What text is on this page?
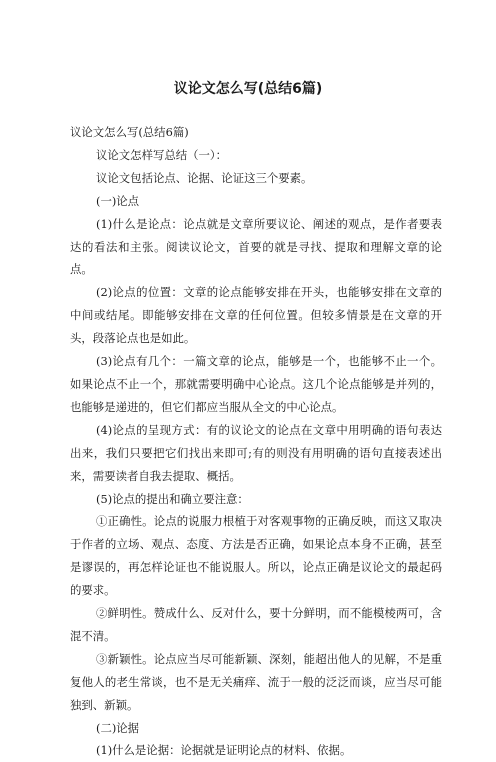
议论文怎么写(总结6篇)

议论文怎么写(总结6篇)

议论文怎样写总结（一）：

议论文包括论点、论据、论证这三个要素。

(一)论点

(1)什么是论点：论点就是文章所要议论、阐述的观点，是作者要表达的看法和主张。阅读议论文，首要的就是寻找、提取和理解文章的论点。

(2)论点的位置：文章的论点能够安排在开头，也能够安排在文章的中间或结尾。即能够安排在文章的任何位置。但较多情景是在文章的开头，段落论点也是如此。

(3)论点有几个：一篇文章的论点，能够是一个，也能够不止一个。如果论点不止一个，那就需要明确中心论点。这几个论点能够是并列的，也能够是递进的，但它们都应当服从全文的中心论点。

(4)论点的呈现方式：有的议论文的论点在文章中用明确的语句表达出来，我们只要把它们找出来即可;有的则没有用明确的语句直接表述出来，需要读者自我去提取、概括。

(5)论点的提出和确立要注意：

①正确性。论点的说服力根植于对客观事物的正确反映，而这又取决于作者的立场、观点、态度、方法是否正确，如果论点本身不正确，甚至是谬误的，再怎样论证也不能说服人。所以，论点正确是议论文的最起码的要求。

②鲜明性。赞成什么、反对什么，要十分鲜明，而不能模棱两可，含混不清。

③新颖性。论点应当尽可能新颖、深刻，能超出他人的见解，不是重复他人的老生常谈，也不是无关痛痒、流于一般的泛泛而谈，应当尽可能独到、新颖。

(二)论据

(1)什么是论据：论据就是证明论点的材料、依据。
